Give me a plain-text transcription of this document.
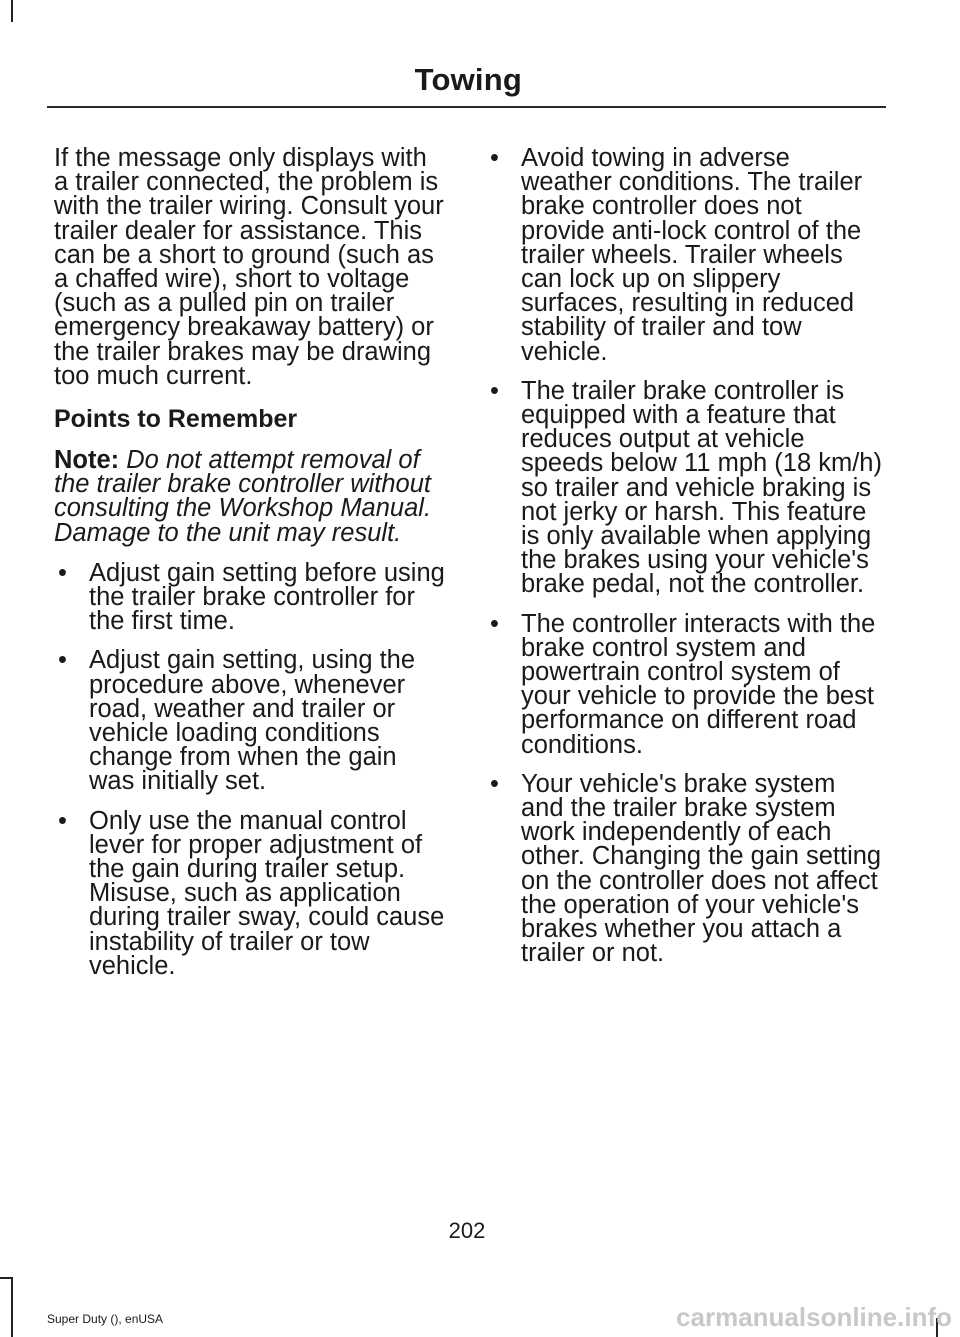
Towing

If the message only displays with a trailer connected, the problem is with the trailer wiring. Consult your trailer dealer for assistance. This can be a short to ground (such as a chaffed wire), short to voltage (such as a pulled pin on trailer emergency breakaway battery) or the trailer brakes may be drawing too much current.

Points to Remember

Note: Do not attempt removal of the trailer brake controller without consulting the Workshop Manual. Damage to the unit may result.

• Adjust gain setting before using the trailer brake controller for the first time.
• Adjust gain setting, using the procedure above, whenever road, weather and trailer or vehicle loading conditions change from when the gain was initially set.
• Only use the manual control lever for proper adjustment of the gain during trailer setup. Misuse, such as application during trailer sway, could cause instability of trailer or tow vehicle.
• Avoid towing in adverse weather conditions. The trailer brake controller does not provide anti-lock control of the trailer wheels. Trailer wheels can lock up on slippery surfaces, resulting in reduced stability of trailer and tow vehicle.
• The trailer brake controller is equipped with a feature that reduces output at vehicle speeds below 11 mph (18 km/h) so trailer and vehicle braking is not jerky or harsh. This feature is only available when applying the brakes using your vehicle's brake pedal, not the controller.
• The controller interacts with the brake control system and powertrain control system of your vehicle to provide the best performance on different road conditions.
• Your vehicle's brake system and the trailer brake system work independently of each other. Changing the gain setting on the controller does not affect the operation of your vehicle's brakes whether you attach a trailer or not.
202
Super Duty (), enUSA	carmanualsonline.info
